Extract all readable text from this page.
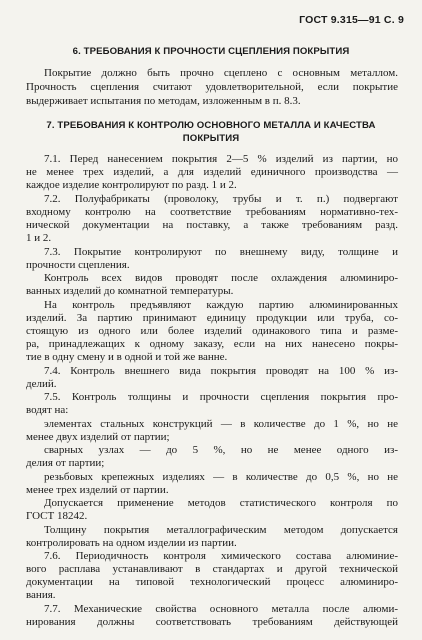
ГОСТ 9.315—91 С. 9
6. ТРЕБОВАНИЯ К ПРОЧНОСТИ СЦЕПЛЕНИЯ ПОКРЫТИЯ
Покрытие должно быть прочно сцеплено с основным металлом.
Прочность сцепления считают удовлетворительной, если покрытие
выдерживает испытания по методам, изложенным в п. 8.3.
7. ТРЕБОВАНИЯ К КОНТРОЛЮ ОСНОВНОГО МЕТАЛЛА И КАЧЕСТВА
ПОКРЫТИЯ
7.1. Перед нанесением покрытия 2—5 % изделий из партии, но
не менее трех изделий, а для изделий единичного производства —
каждое изделие контролируют по разд. 1 и 2.
7.2. Полуфабрикаты (проволоку, трубы и т. п.) подвергают
входному контролю на соответствие требованиям нормативно-тех-
нической документации на поставку, а также требованиям разд.
1 и 2.
7.3. Покрытие контролируют по внешнему виду, толщине и
прочности сцепления.
Контроль всех видов проводят после охлаждения алюминиро-
ванных изделий до комнатной температуры.
На контроль предъявляют каждую партию алюминированных
изделий. За партию принимают единицу продукции или труба, со-
стоящую из одного или более изделий одинакового типа и разме-
ра, принадлежащих к одному заказу, если на них нанесено покры-
тие в одну смену и в одной и той же ванне.
7.4. Контроль внешнего вида покрытия проводят на 100 % из-
делий.
7.5. Контроль толщины и прочности сцепления покрытия про-
водят на:
элементах стальных конструкций — в количестве до 1 %, но не
менее двух изделий от партии;
сварных узлах — до 5 %, но не менее одного из-
делия от партии;
резьбовых крепежных изделиях — в количестве до 0,5 %, но не
менее трех изделий от партии.
Допускается применение методов статистического контроля по
ГОСТ 18242.
Толщину покрытия металлографическим методом допускается
контролировать на одном изделии из партии.
7.6. Периодичность контроля химического состава алюминие-
вого расплава устанавливают в стандартах и другой технической
документации на типовой технологический процесс алюминиро-
вания.
7.7. Механические свойства основного металла после алюми-
нирования должны соответствовать требованиям действующей
